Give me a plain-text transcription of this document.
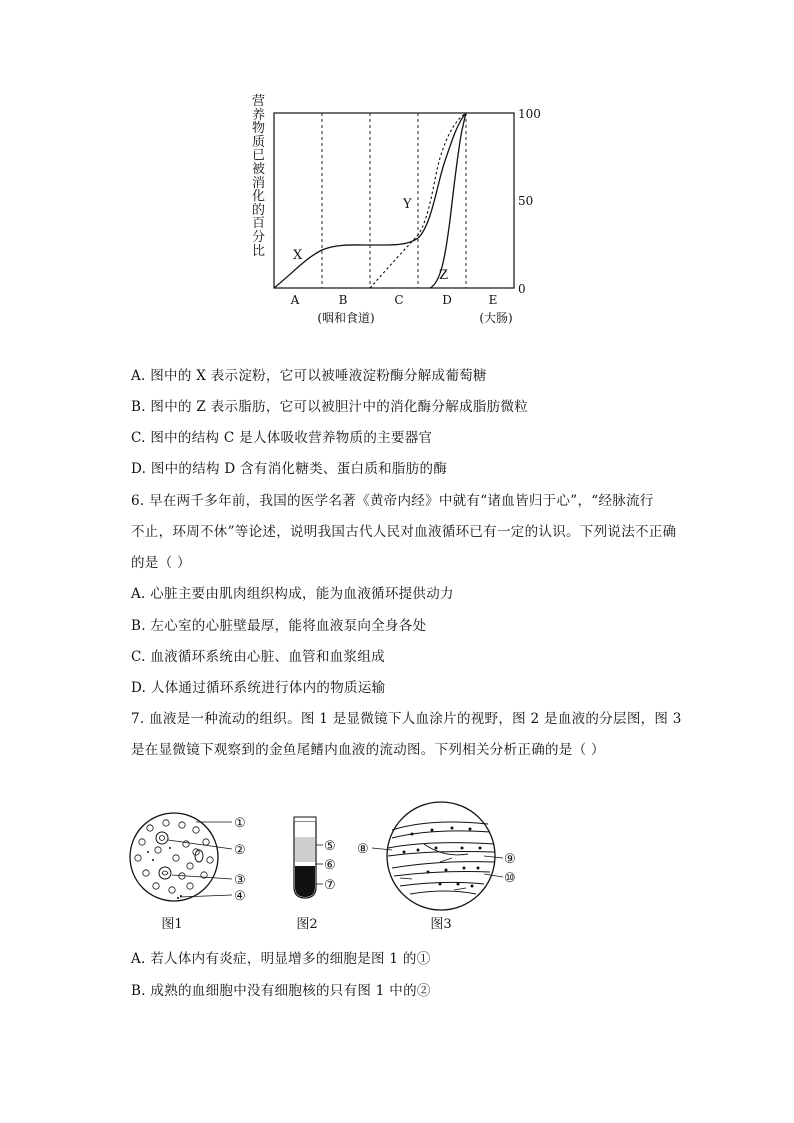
营养物质已被消化的百分比 X
Y
Z
100
50
0
A	B	C	D	E
(咽和食道)	(大肠)
A. 图中的 X 表示淀粉，它可以被唾液淀粉酶分解成葡萄糖
B. 图中的 Z 表示脂肪，它可以被胆汁中的消化酶分解成脂肪微粒
C. 图中的结构 C 是人体吸收营养物质的主要器官
D. 图中的结构 D 含有消化糖类、蛋白质和脂肪的酶
6. 早在两千多年前，我国的医学名著《黄帝内经》中就有“诸血皆归于心”，“经脉流行
不止，环周不休”等论述，说明我国古代人民对血液循环已有一定的认识。下列说法不正确
的是（ ）
A. 心脏主要由肌肉组织构成，能为血液循环提供动力
B. 左心室的心脏壁最厚，能将血液泵向全身各处
C. 血液循环系统由心脏、血管和血浆组成
D. 人体通过循环系统进行体内的物质运输
7. 血液是一种流动的组织。图 1 是显微镜下人血涂片的视野，图 2 是血液的分层图，图 3
是在显微镜下观察到的金鱼尾鳍内血液的流动图。下列相关分析正确的是（ ）
①
②
③
④
⑤
⑥
⑦
⑧
⑨
⑩
图1	图2	图3
A. 若人体内有炎症，明显增多的细胞是图 1 的①
B. 成熟的血细胞中没有细胞核的只有图 1 中的②
